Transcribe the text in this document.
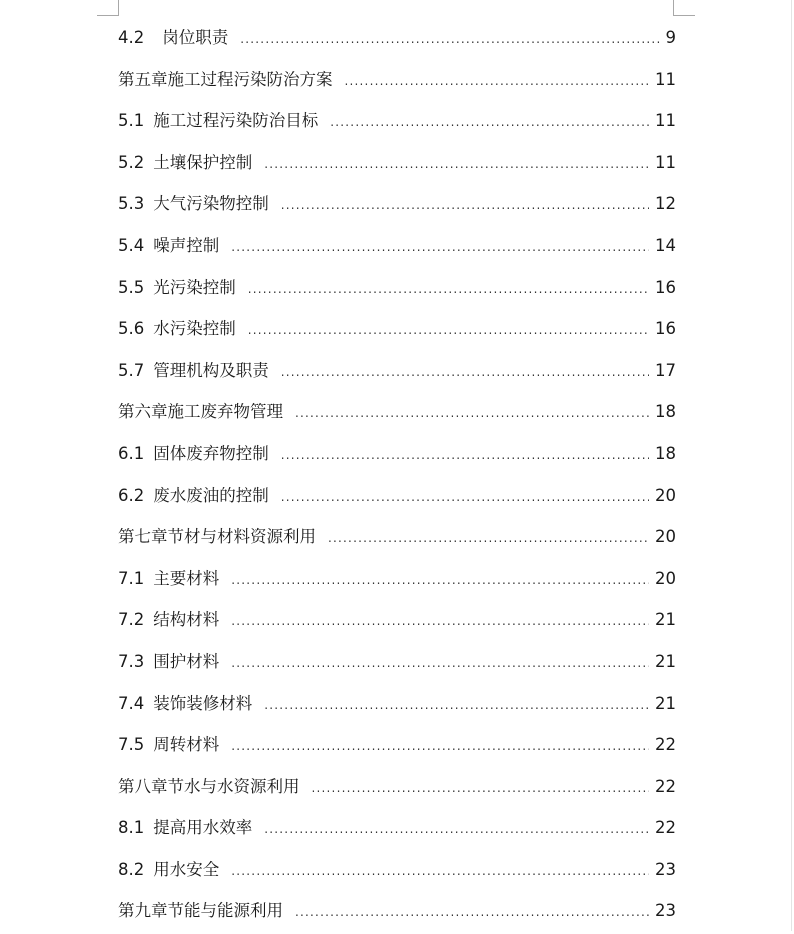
4.2 岗位职责 .....	9
第五章施工过程污染防治方案 .....	11
5.1 施工过程污染防治目标 .....	11
5.2 土壤保护控制 .....	11
5.3 大气污染物控制 .....	12
5.4 噪声控制 .....	14
5.5 光污染控制 .....	16
5.6 水污染控制 .....	16
5.7 管理机构及职责 .....	17
第六章施工废弃物管理 .....	18
6.1 固体废弃物控制 .....	18
6.2 废水废油的控制 .....	20
第七章节材与材料资源利用 .....	20
7.1 主要材料 .....	20
7.2 结构材料 .....	21
7.3 围护材料 .....	21
7.4 装饰装修材料 .....	21
7.5 周转材料 .....	22
第八章节水与水资源利用 .....	22
8.1 提高用水效率 .....	22
8.2 用水安全 .....	23
第九章节能与能源利用 .....	23
